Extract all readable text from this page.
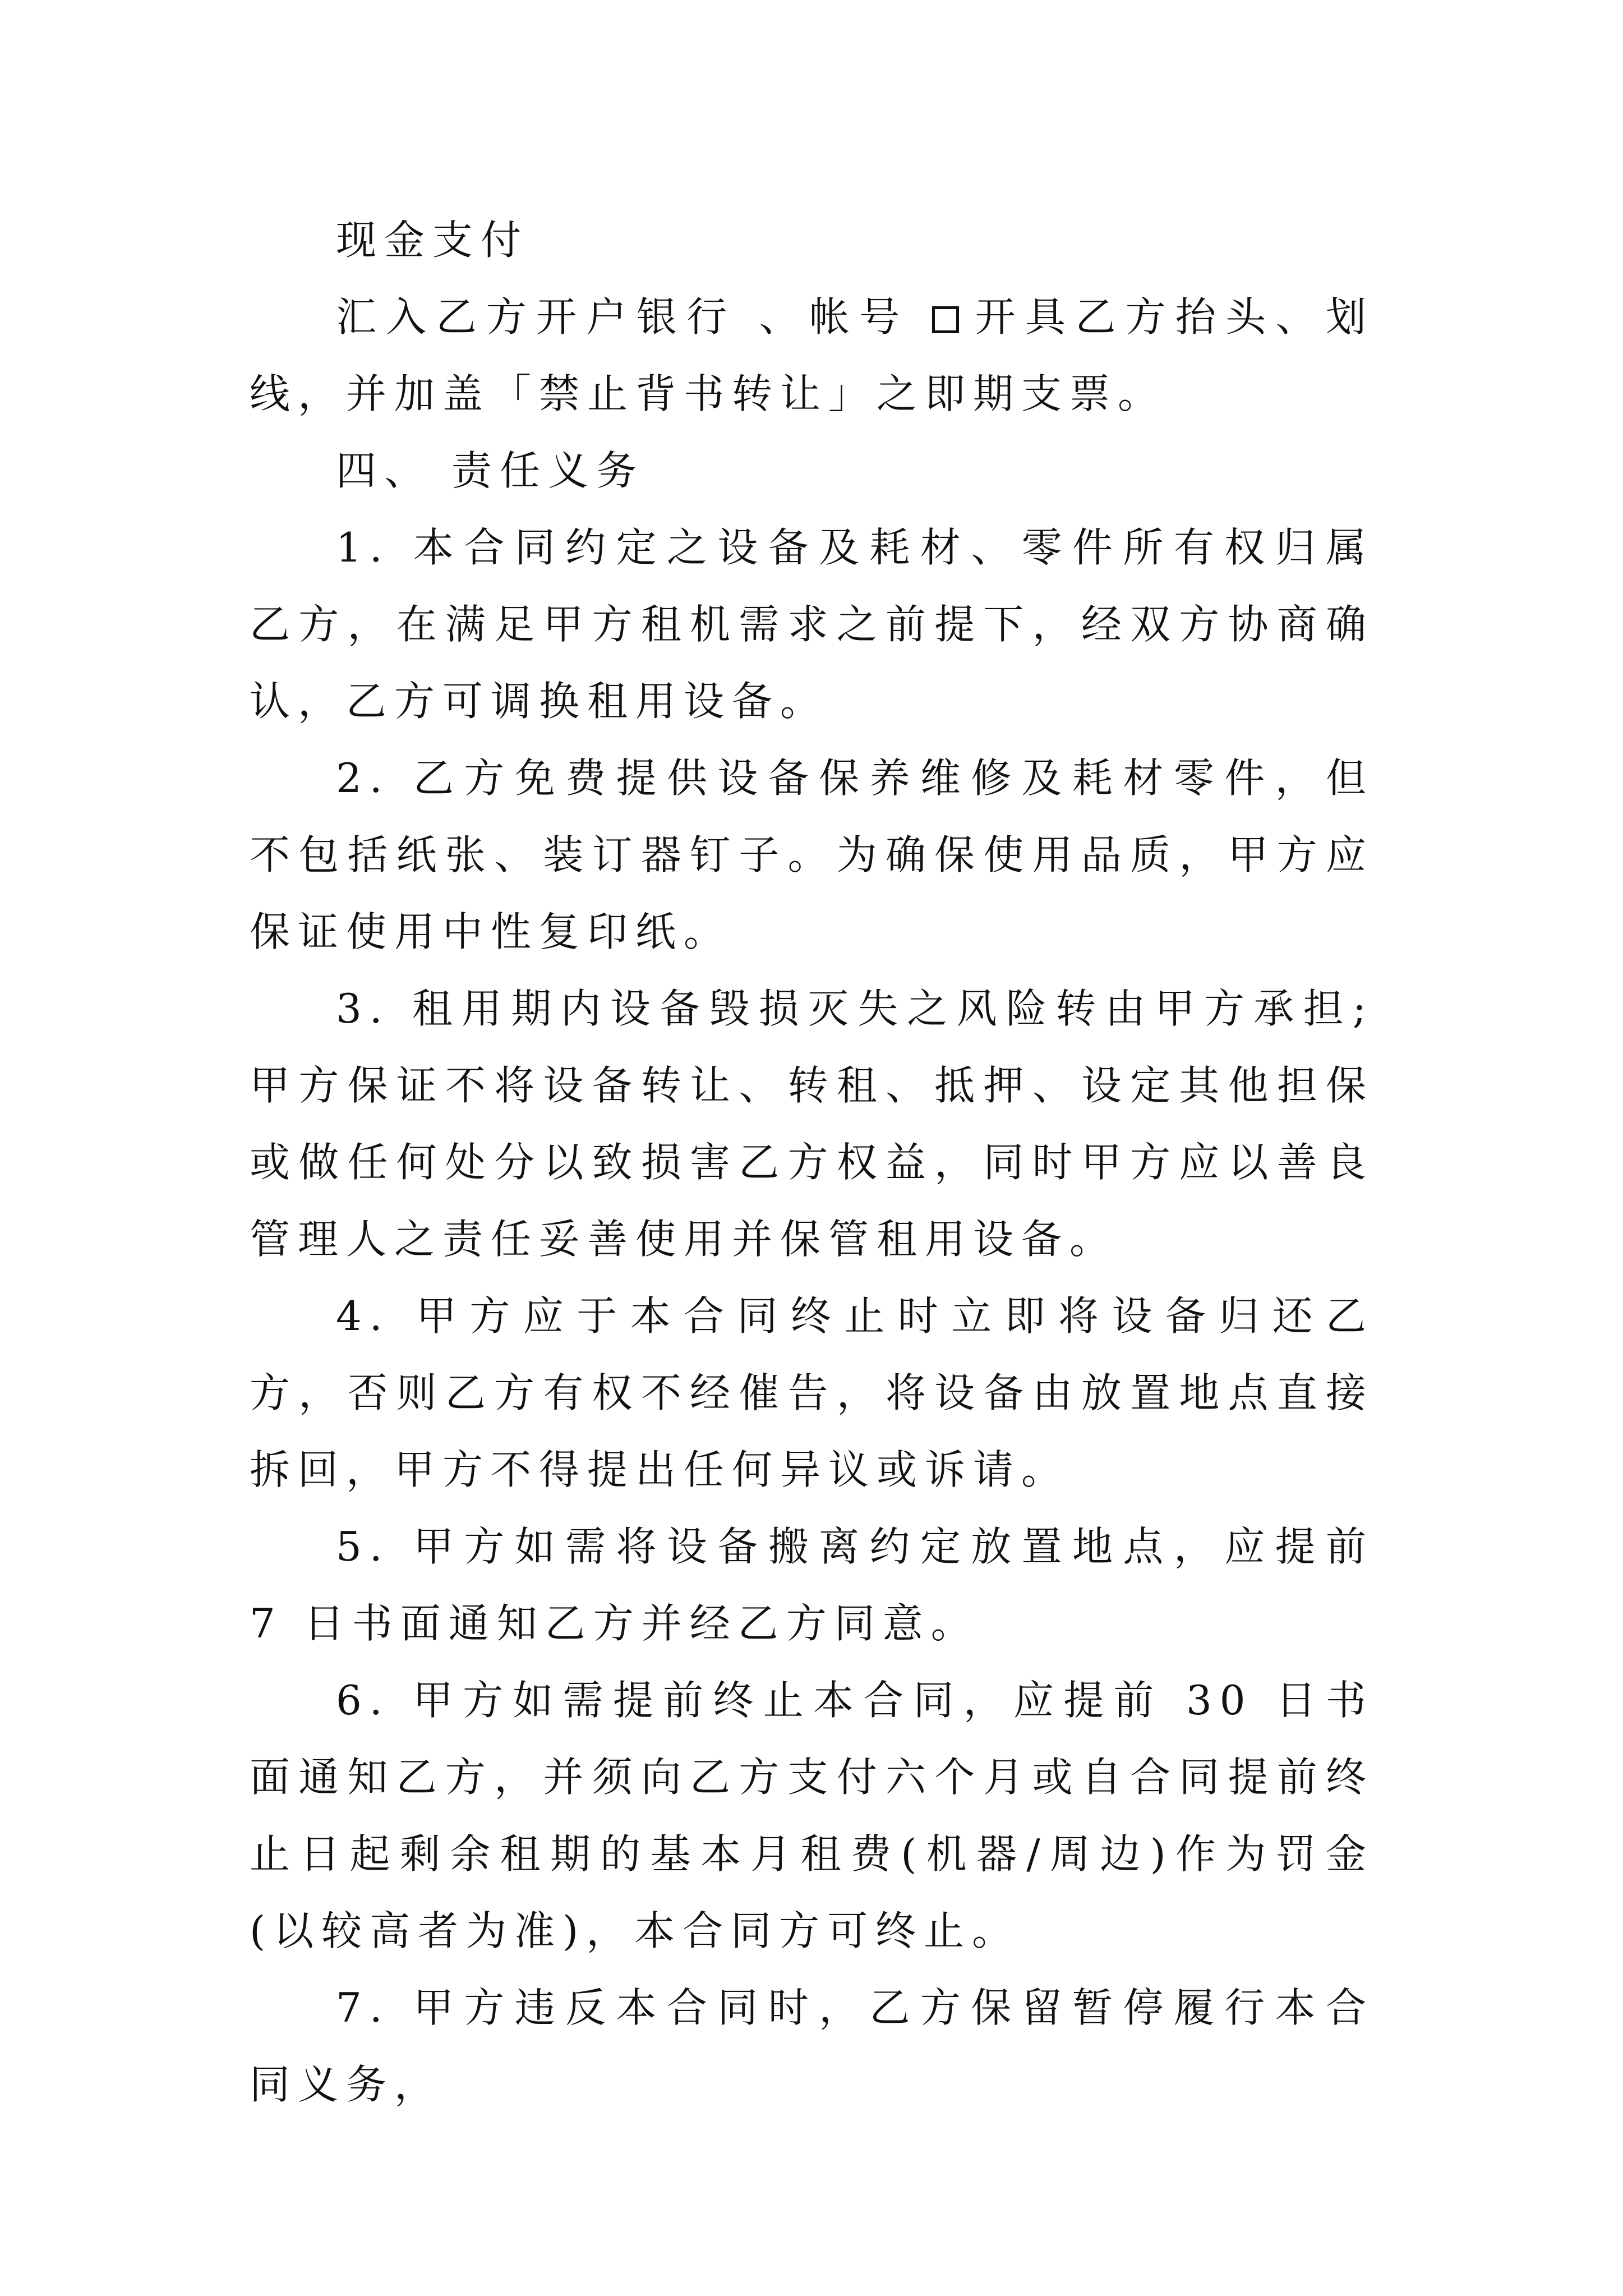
现金支付

汇入乙方开户银行 、帐号 开具乙方抬头、划线，并加盖「禁止背书转让」之即期支票。

四、 责任义务

1. 本合同约定之设备及耗材、零件所有权归属乙方，在满足甲方租机需求之前提下，经双方协商确认，乙方可调换租用设备。

2. 乙方免费提供设备保养维修及耗材零件，但不包括纸张、装订器钉子。为确保使用品质，甲方应保证使用中性复印纸。

3. 租用期内设备毁损灭失之风险转由甲方承担;甲方保证不将设备转让、转租、抵押、设定其他担保或做任何处分以致损害乙方权益，同时甲方应以善良管理人之责任妥善使用并保管租用设备。

4. 甲方应于本合同终止时立即将设备归还乙方，否则乙方有权不经催告，将设备由放置地点直接拆回，甲方不得提出任何异议或诉请。

5. 甲方如需将设备搬离约定放置地点，应提前 7 日书面通知乙方并经乙方同意。

6. 甲方如需提前终止本合同，应提前 30 日书面通知乙方，并须向乙方支付六个月或自合同提前终止日起剩余租期的基本月租费(机器/周边)作为罚金(以较高者为准)，本合同方可终止。

7. 甲方违反本合同时，乙方保留暂停履行本合同义务，
